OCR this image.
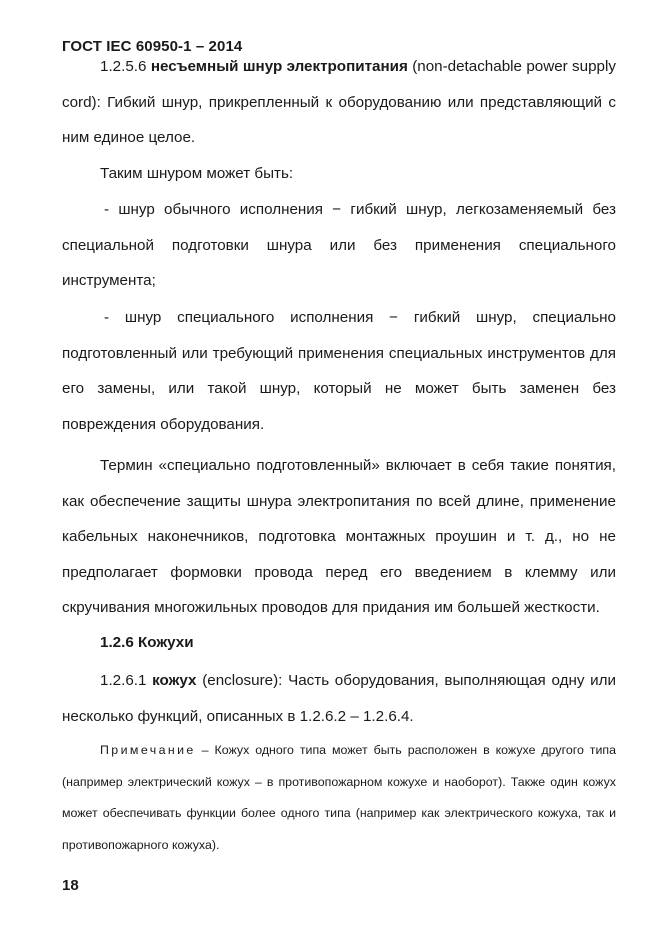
ГОСТ IEC 60950-1 – 2014

1.2.5.6 несъемный шнур электропитания (non-detachable power supply cord): Гибкий шнур, прикрепленный к оборудованию или представляющий с ним единое целое.

Таким шнуром может быть:

- шнур обычного исполнения − гибкий шнур, легкозаменяемый без специальной подготовки шнура или без применения специального инструмента;

- шнур специального исполнения − гибкий шнур, специально подготовленный или требующий применения специальных инструментов для его замены, или такой шнур, который не может быть заменен без повреждения оборудования.

Термин «специально подготовленный» включает в себя такие понятия, как обеспечение защиты шнура электропитания по всей длине, применение кабельных наконечников, подготовка монтажных проушин и т. д., но не предполагает формовки провода перед его введением в клемму или скручивания многожильных проводов для придания им большей жесткости.

1.2.6 Кожухи

1.2.6.1 кожух (enclosure): Часть оборудования, выполняющая одну или несколько функций, описанных в 1.2.6.2 – 1.2.6.4.

Примечание – Кожух одного типа может быть расположен в кожухе другого типа (например электрический кожух – в противопожарном кожухе и наоборот). Также один кожух может обеспечивать функции более одного типа (например как электрического кожуха, так и противопожарного кожуха).

18
